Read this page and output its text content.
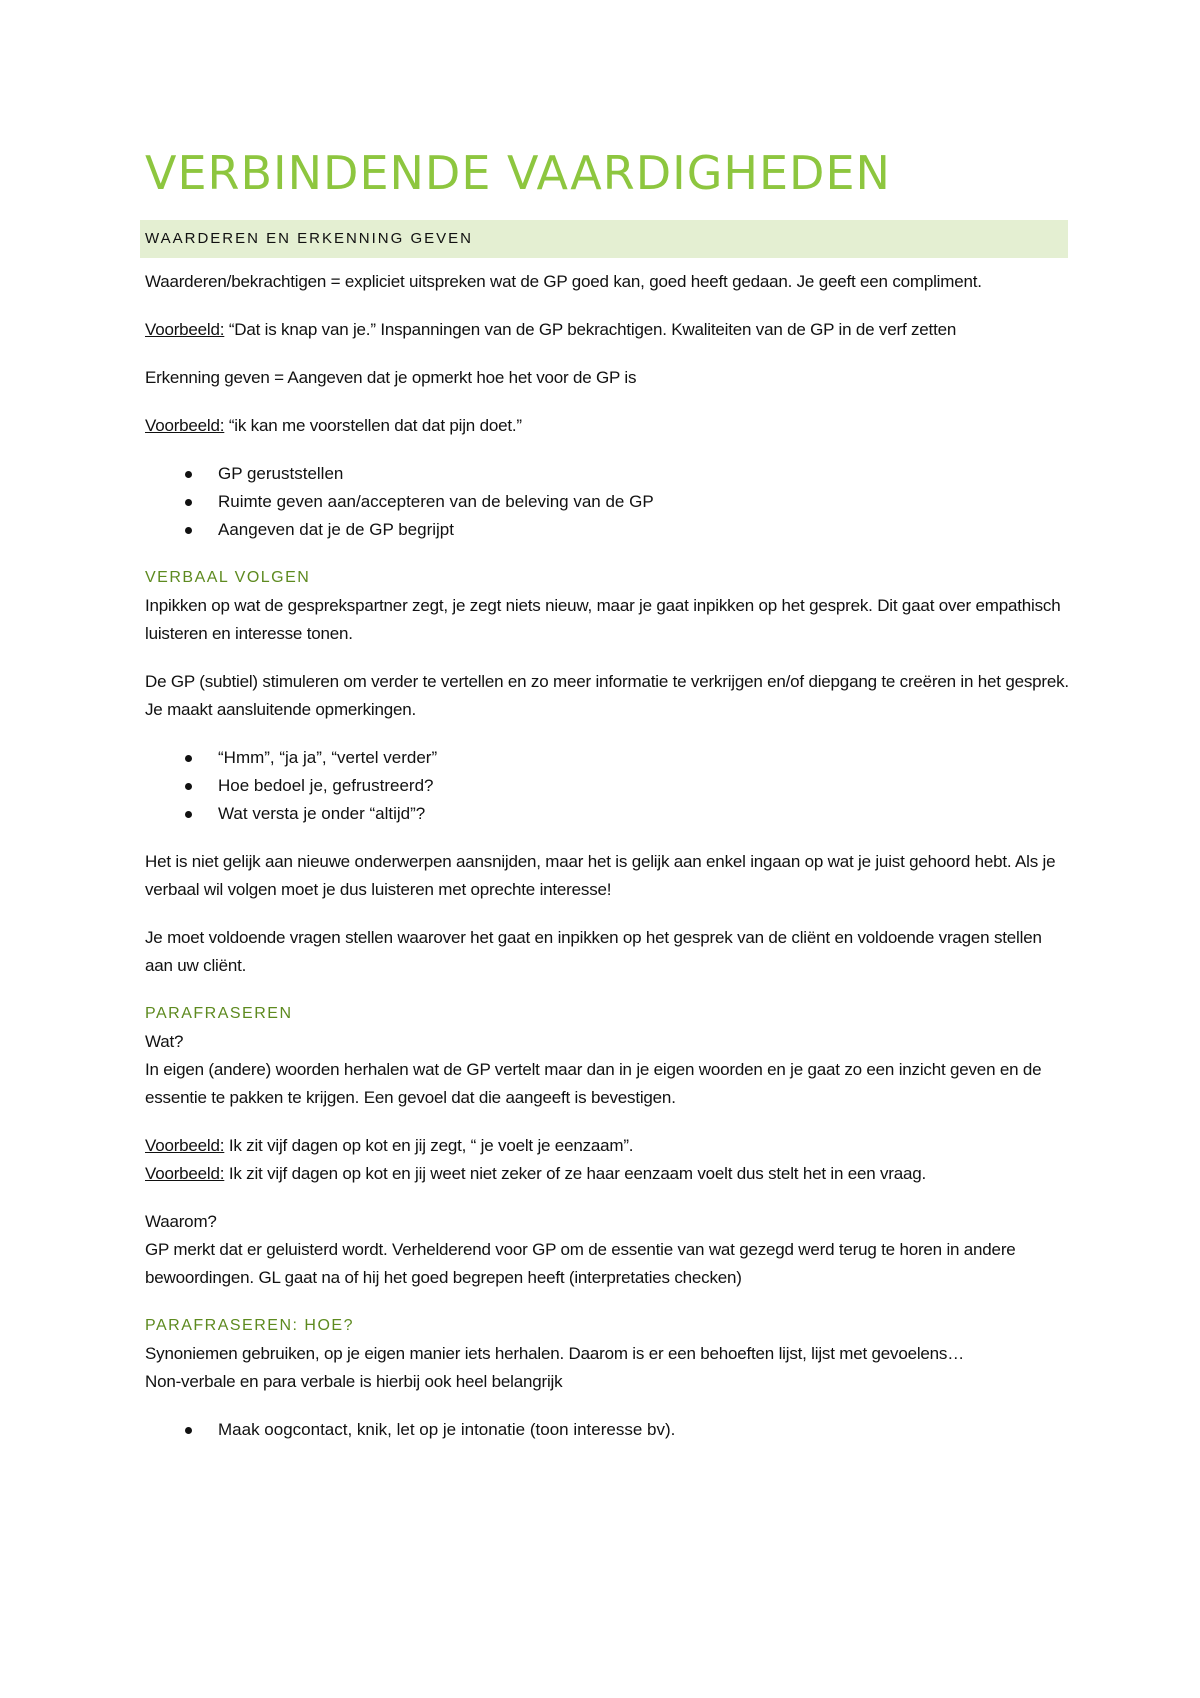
VERBINDENDE VAARDIGHEDEN
WAARDEREN EN ERKENNING GEVEN

Waarderen/bekrachtigen = expliciet uitspreken wat de GP goed kan, goed heeft gedaan. Je geeft een compliment.

Voorbeeld: “Dat is knap van je.” Inspanningen van de GP bekrachtigen. Kwaliteiten van de GP in de verf zetten

Erkenning geven = Aangeven dat je opmerkt hoe het voor de GP is

Voorbeeld: “ik kan me voorstellen dat dat pijn doet.”

GP geruststellen
Ruimte geven aan/accepteren van de beleving van de GP
Aangeven dat je de GP begrijpt
VERBAAL VOLGEN

Inpikken op wat de gesprekspartner zegt, je zegt niets nieuw, maar je gaat inpikken op het gesprek. Dit gaat over empathisch luisteren en interesse tonen.

De GP (subtiel) stimuleren om verder te vertellen en zo meer informatie te verkrijgen en/of diepgang te creëren in het gesprek. Je maakt aansluitende opmerkingen.

“Hmm”, “ja ja”, “vertel verder”
Hoe bedoel je, gefrustreerd?
Wat versta je onder “altijd”?

Het is niet gelijk aan nieuwe onderwerpen aansnijden, maar het is gelijk aan enkel ingaan op wat je juist gehoord hebt. Als je verbaal wil volgen moet je dus luisteren met oprechte interesse!

Je moet voldoende vragen stellen waarover het gaat en inpikken op het gesprek van de cliënt en voldoende vragen stellen aan uw cliënt.

PARAFRASEREN

Wat?

In eigen (andere) woorden herhalen wat de GP vertelt maar dan in je eigen woorden en je gaat zo een inzicht geven en de essentie te pakken te krijgen. Een gevoel dat die aangeeft is bevestigen.

Voorbeeld: Ik zit vijf dagen op kot en jij zegt, “ je voelt je eenzaam”.

Voorbeeld: Ik zit vijf dagen op kot en jij weet niet zeker of ze haar eenzaam voelt dus stelt het in een vraag.

Waarom?

GP merkt dat er geluisterd wordt. Verhelderend voor GP om de essentie van wat gezegd werd terug te horen in andere bewoordingen. GL gaat na of hij het goed begrepen heeft (interpretaties checken)

PARAFRASEREN: HOE?

Synoniemen gebruiken, op je eigen manier iets herhalen. Daarom is er een behoeften lijst, lijst met gevoelens…

Non-verbale en para verbale is hierbij ook heel belangrijk

Maak oogcontact, knik, let op je intonatie (toon interesse bv).
